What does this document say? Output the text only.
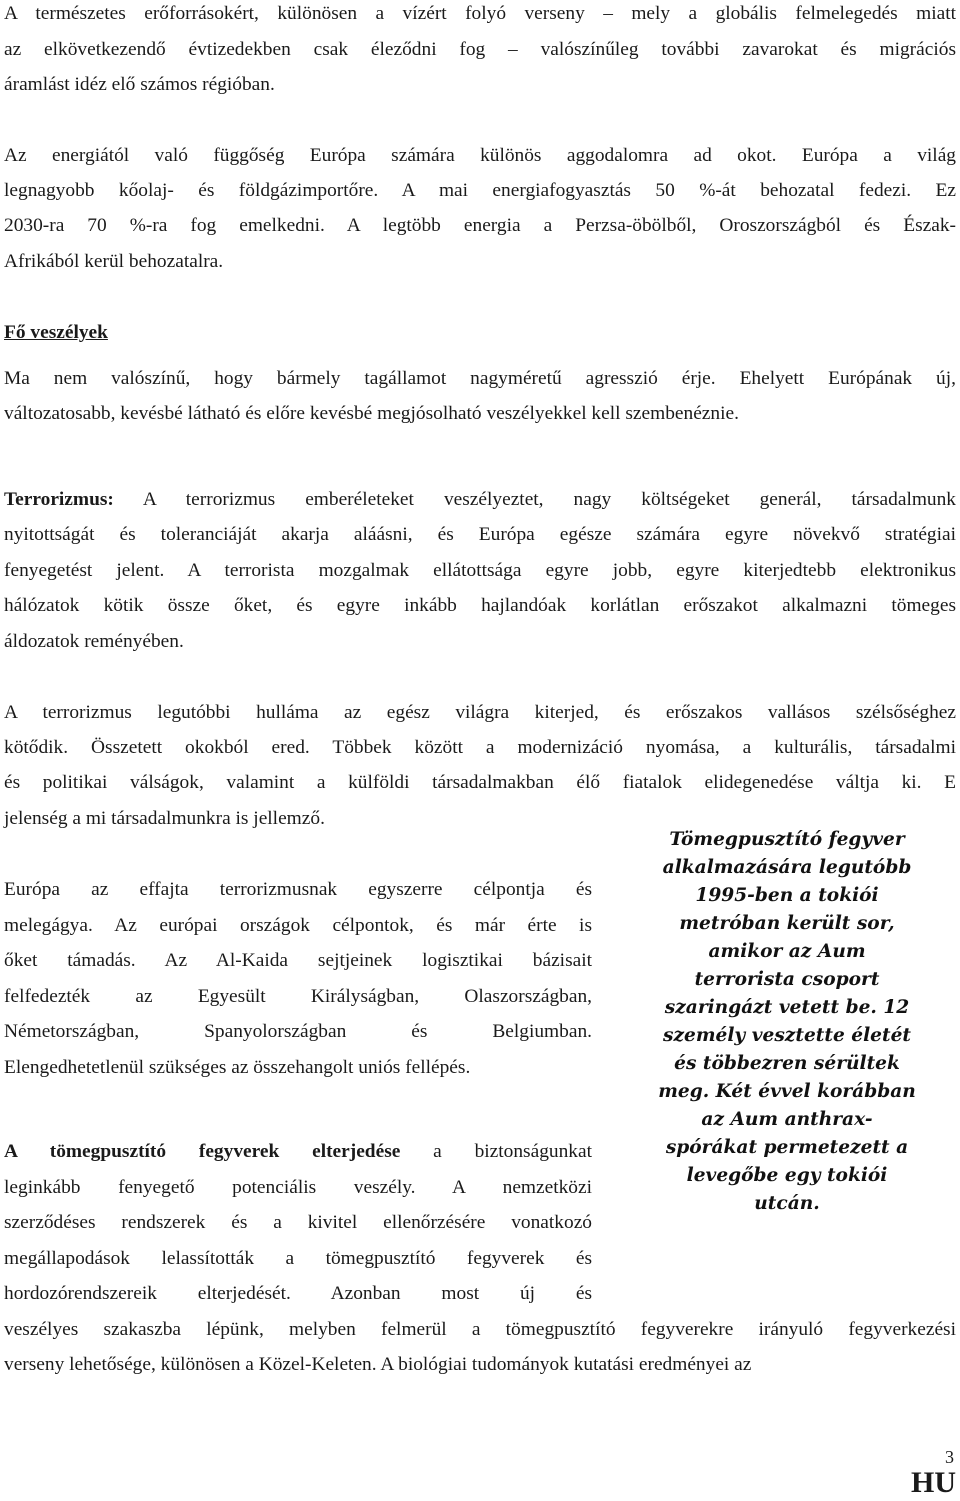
A természetes erőforrásokért, különösen a vízért folyó verseny – mely a globális felmelegedés miatt
az elkövetkezendő évtizedekben csak éleződni fog – valószínűleg további zavarokat és migrációs
áramlást idéz elő számos régióban.
Az energiától való függőség Európa számára különös aggodalomra ad okot. Európa a világ
legnagyobb kőolaj- és földgázimportőre. A mai energiafogyasztás 50 %-át behozatal fedezi. Ez
2030-ra 70 %-ra fog emelkedni. A legtöbb energia a Perzsa-öbölből, Oroszországból és Észak-
Afrikából kerül behozatalra.
Fő veszélyek
Ma nem valószínű, hogy bármely tagállamot nagyméretű agresszió érje. Ehelyett Európának új,
változatosabb, kevésbé látható és előre kevésbé megjósolható veszélyekkel kell szembenéznie.
Terrorizmus: A terrorizmus emberéleteket veszélyeztet, nagy költségeket generál, társadalmunk
nyitottságát és toleranciáját akarja aláásni, és Európa egésze számára egyre növekvő stratégiai
fenyegetést jelent. A terrorista mozgalmak ellátottsága egyre jobb, egyre kiterjedtebb elektronikus
hálózatok kötik össze őket, és egyre inkább hajlandóak korlátlan erőszakot alkalmazni tömeges
áldozatok reményében.
A terrorizmus legutóbbi hulláma az egész világra kiterjed, és erőszakos vallásos szélsőséghez
kötődik. Összetett okokból ered. Többek között a modernizáció nyomása, a kulturális, társadalmi
és politikai válságok, valamint a külföldi társadalmakban élő fiatalok elidegenedése váltja ki. E
jelenség a mi társadalmunkra is jellemző.
Európa az effajta terrorizmusnak egyszerre célpontja és
melegágya. Az európai országok célpontok, és már érte is
őket támadás. Az Al-Kaida sejtjeinek logisztikai bázisait
felfedezték az Egyesült Királyságban, Olaszországban,
Németországban, Spanyolországban és Belgiumban.
Elengedhetetlenül szükséges az összehangolt uniós fellépés.
A tömegpusztító fegyverek elterjedése a biztonságunkat
leginkább fenyegető potenciális veszély. A nemzetközi
szerződéses rendszerek és a kivitel ellenőrzésére vonatkozó
megállapodások lelassították a tömegpusztító fegyverek és
hordozórendszereik elterjedését. Azonban most új és
veszélyes szakaszba lépünk, melyben felmerül a tömegpusztító fegyverekre irányuló fegyverkezési
verseny lehetősége, különösen a Közel-Keleten. A biológiai tudományok kutatási eredményei az
Tömegpusztító fegyver
alkalmazására legutóbb
1995-ben a tokiói
metróban került sor,
amikor az Aum
terrorista csoport
szaringázt vetett be. 12
személy vesztette életét
és többezren sérültek
meg. Két évvel korábban
az Aum anthrax-
spórákat permetezett a
levegőbe egy tokiói
utcán.
3
HU
